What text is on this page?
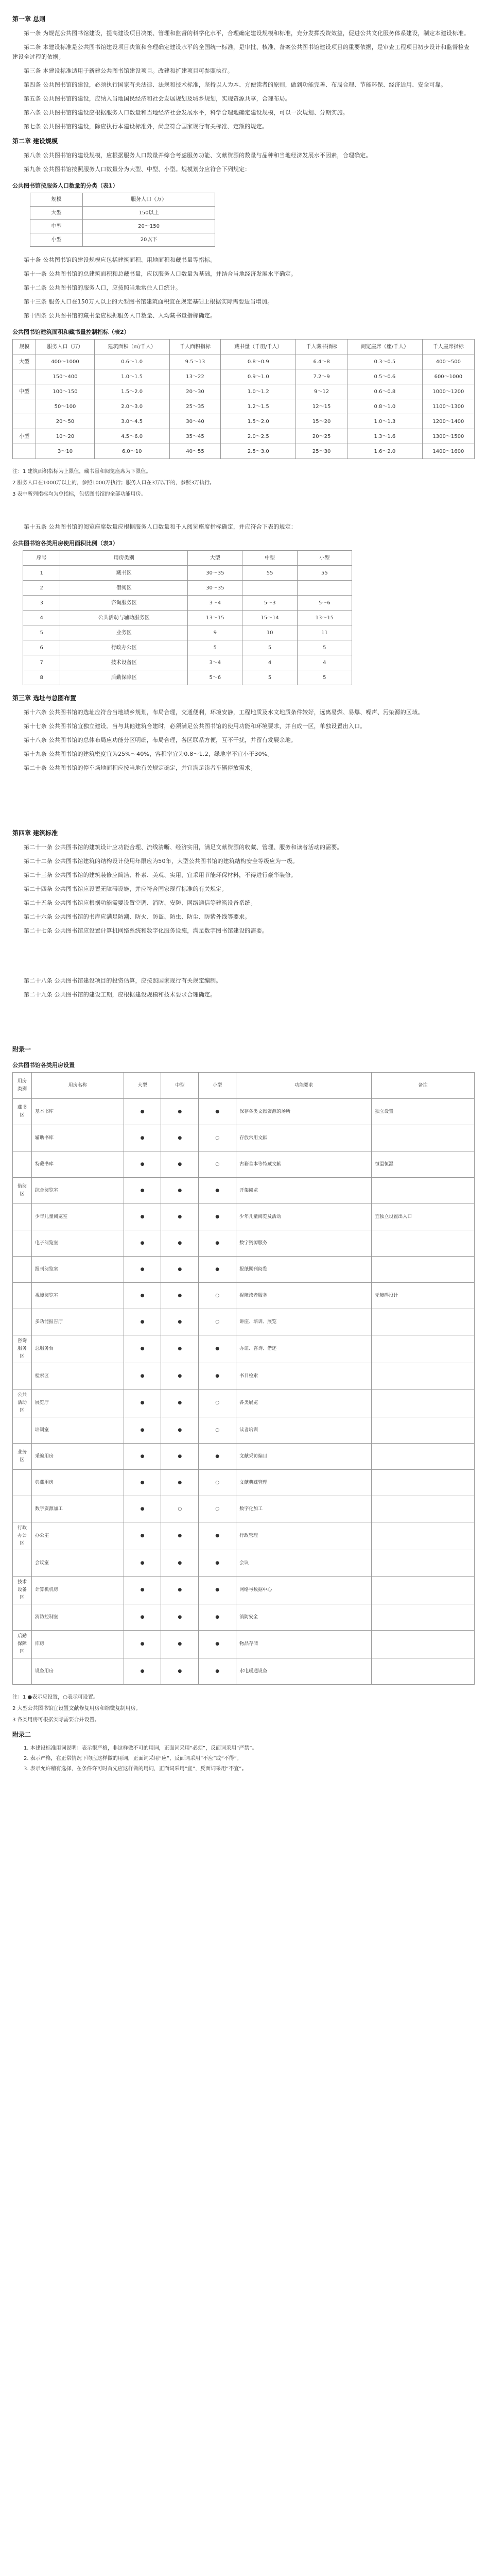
第一章 总则

第一条 为规范公共图书馆建设，提高建设项目决策、管理和监督的科学化水平，合理确定建设规模和标准，充分发挥投资效益，促进公共文化服务体系建设，制定本建设标准。

第二条 本建设标准是公共图书馆建设项目决策和合理确定建设水平的全国统一标准，是审批、核准、备案公共图书馆建设项目的重要依据，是审查工程项目初步设计和监督检查建设全过程的依据。

第三条 本建设标准适用于新建公共图书馆建设项目。改建和扩建项目可参照执行。

第四条 公共图书馆的建设，必须执行国家有关法律、法规和技术标准，坚持以人为本、方便读者的原则，做到功能完善、布局合理、节能环保、经济适用、安全可靠。

第五条 公共图书馆的建设，应纳入当地国民经济和社会发展规划及城乡规划，实现资源共享，合理布局。

第六条 公共图书馆的建设应根据服务人口数量和当地经济社会发展水平，科学合理地确定建设规模，可以一次规划、分期实施。

第七条 公共图书馆的建设，除应执行本建设标准外，尚应符合国家现行有关标准、定额的规定。

第二章 建设规模

第八条 公共图书馆的建设规模，应根据服务人口数量并综合考虑服务功能、文献资源的数量与品种和当地经济发展水平因素，合理确定。

第九条 公共图书馆按照服务人口数量分为大型、中型、小型。规模划分应符合下列规定：

公共图书馆按服务人口数量的分类（表1）
规模	服务人口（万）
大型	150以上
中型	20～150
小型	20以下

第十条 公共图书馆的建设规模应包括建筑面积、用地面积和藏书量等指标。

第十一条 公共图书馆的总建筑面积和总藏书量，应以服务人口数量为基础，并结合当地经济发展水平确定。

第十二条 公共图书馆的服务人口，应按照当地常住人口统计。

第十三条 服务人口在150万人以上的大型图书馆建筑面积宜在规定基础上根据实际需要适当增加。

第十四条 公共图书馆的藏书量应根据服务人口数量、人均藏书量指标确定。

公共图书馆建筑面积和藏书量控制指标（表2）
规模	服务人口（万）	建筑面积（㎡/千人）	千人面积指标	藏书量（千册/千人）	千人藏书指标	阅览座席（座/千人）	千人座席指标
大型	400～1000	0.6～1.0	9.5～13	0.8～0.9	6.4～8	0.3～0.5	400～500
	150～400	1.0～1.5	13～22	0.9～1.0	7.2～9	0.5～0.6	600～1000
中型	100～150	1.5～2.0	20～30	1.0～1.2	9～12	0.6～0.8	1000～1200
	50～100	2.0～3.0	25～35	1.2～1.5	12～15	0.8～1.0	1100～1300
	20～50	3.0～4.5	30～40	1.5～2.0	15～20	1.0～1.3	1200～1400
小型	10～20	4.5～6.0	35～45	2.0～2.5	20～25	1.3～1.6	1300～1500
	3～10	6.0～10	40～55	2.5～3.0	25～30	1.6～2.0	1400～1600
注：1 建筑面积指标为上限值，藏书量和阅览座席为下限值。
2 服务人口在1000万以上的，参照1000万执行；服务人口在3万以下的，参照3万执行。
3 表中所列指标均为总指标，包括图书馆的全部功能用房。

第十五条 公共图书馆的阅览座席数量应根据服务人口数量和千人阅览座席指标确定，并应符合下表的规定：

公共图书馆各类用房使用面积比例（表3）
序号	用房类别	大型	中型	小型
1	藏书区	30～35	55	55
2	借阅区	30～35		
3	咨询服务区	3～4	5～3	5～6
4	公共活动与辅助服务区	13～15	15～14	13～15
5	业务区	9	10	11
6	行政办公区	5	5	5
7	技术设备区	3～4	4	4
8	后勤保障区	5～6	5	5
第三章 选址与总图布置

第十六条 公共图书馆的选址应符合当地城乡规划，布局合理，交通便利，环境安静，工程地质及水文地质条件较好，远离易燃、易爆、噪声、污染源的区域。

第十七条 公共图书馆宜独立建设。当与其他建筑合建时，必须满足公共图书馆的使用功能和环境要求，并自成一区，单独设置出入口。

第十八条 公共图书馆的总体布局应功能分区明确，布局合理，各区联系方便，互不干扰，并留有发展余地。

第十九条 公共图书馆的建筑密度宜为25%～40%，容积率宜为0.8～1.2，绿地率不宜小于30%。

第二十条 公共图书馆的停车场地面积应按当地有关规定确定，并宜满足读者车辆停放需求。

第四章 建筑标准

第二十一条 公共图书馆的建筑设计应功能合理、流线清晰、经济实用，满足文献资源的收藏、管理、服务和读者活动的需要。

第二十二条 公共图书馆建筑的结构设计使用年限应为50年，大型公共图书馆的建筑结构安全等级应为一级。

第二十三条 公共图书馆的建筑装修应简洁、朴素、美观、实用，宜采用节能环保材料，不得进行豪华装修。

第二十四条 公共图书馆应设置无障碍设施，并应符合国家现行标准的有关规定。

第二十五条 公共图书馆应根据功能需要设置空调、消防、安防、网络通信等建筑设备系统。

第二十六条 公共图书馆的书库应满足防潮、防火、防盗、防虫、防尘、防紫外线等要求。

第二十七条 公共图书馆应设置计算机网络系统和数字化服务设施，满足数字图书馆建设的需要。

第二十八条 公共图书馆建设项目的投资估算，应按照国家现行有关规定编制。

第二十九条 公共图书馆的建设工期，应根据建设规模和技术要求合理确定。

附录一
公共图书馆各类用房设置
用房类别	用房名称	大型	中型	小型	功能要求	备注
藏书区	基本书库	●	●	●	保存各类文献资源的场所	独立设置
	辅助书库	●	●	○	存放常用文献	
	特藏书库	●	●	○	古籍善本等特藏文献	恒温恒湿
借阅区	综合阅览室	●	●	●	开架阅览	
	少年儿童阅览室	●	●	●	少年儿童阅览及活动	宜独立设置出入口
	电子阅览室	●	●	●	数字资源服务	
	报刊阅览室	●	●	●	报纸期刊阅览	
	视障阅览室	●	●	○	视障读者服务	无障碍设计
	多功能报告厅	●	●	○	讲座、培训、展览	
咨询服务区	总服务台	●	●	●	办证、咨询、借还	
	检索区	●	●	●	书目检索	
公共活动区	展览厅	●	●	○	各类展览	
	培训室	●	●	○	读者培训	
业务区	采编用房	●	●	●	文献采访编目	
	典藏用房	●	●	○	文献典藏管理	
	数字资源加工	●	○	○	数字化加工	
行政办公区	办公室	●	●	●	行政管理	
	会议室	●	●	●	会议	
技术设备区	计算机机房	●	●	●	网络与数据中心	
	消防控制室	●	●	●	消防安全	
后勤保障区	库房	●	●	●	物品存储	
	设备用房	●	●	●	水电暖通设备	
注：1 ●表示应设置，○表示可设置。
2 大型公共图书馆宜设置文献修复用房和缩微复制用房。
3 各类用房可根据实际需要合并设置。
附录二
1. 本建设标准用词说明：表示很严格，非这样做不可的用词，正面词采用“必须”，反面词采用“严禁”。
2. 表示严格，在正常情况下均应这样做的用词，正面词采用“应”，反面词采用“不应”或“不得”。
3. 表示允许稍有选择，在条件许可时首先应这样做的用词，正面词采用“宜”，反面词采用“不宜”。
